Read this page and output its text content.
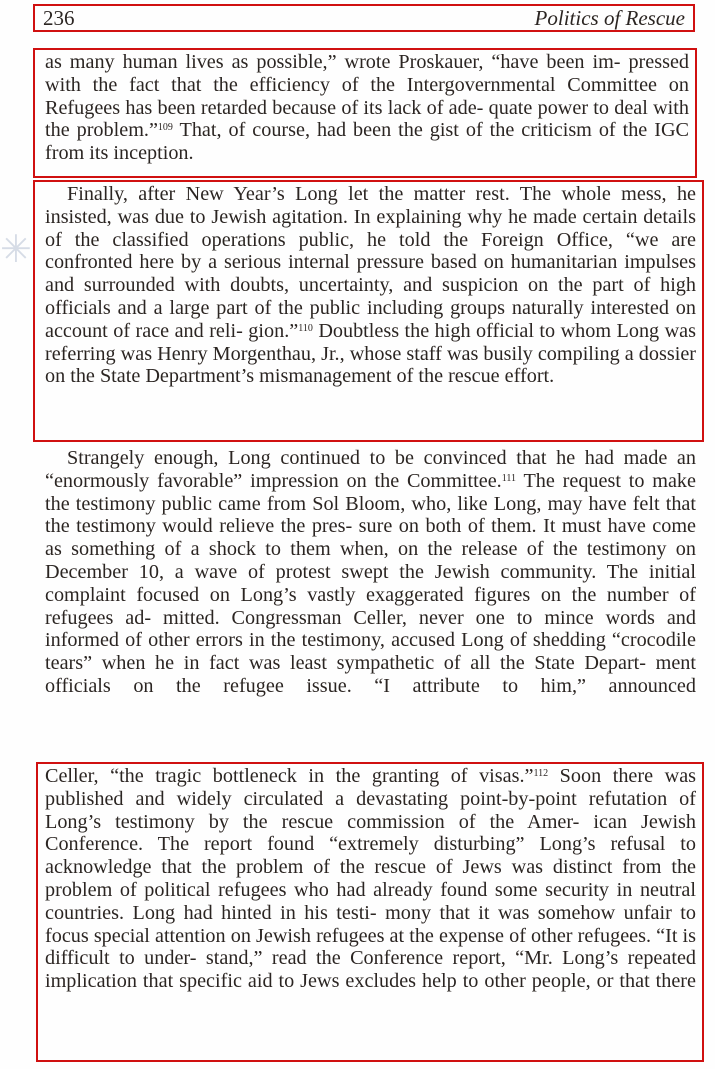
✳
236	Politics of Rescue

as many human lives as possible,” wrote Proskauer, “have been im- pressed with the fact that the efficiency of the Intergovernmental Committee on Refugees has been retarded because of its lack of ade- quate power to deal with the problem.”$^{109}$ That, of course, had been the gist of the criticism of the IGC from its inception.

Finally, after New Year’s Long let the matter rest. The whole mess, he insisted, was due to Jewish agitation. In explaining why he made certain details of the classified operations public, he told the Foreign Office, “we are confronted here by a serious internal pressure based on humanitarian impulses and surrounded with doubts, uncertainty, and suspicion on the part of high officials and a large part of the public including groups naturally interested on account of race and reli- gion.”$^{110}$ Doubtless the high official to whom Long was referring was Henry Morgenthau, Jr., whose staff was busily compiling a dossier on the State Department’s mismanagement of the rescue effort.

Strangely enough, Long continued to be convinced that he had made an “enormously favorable” impression on the Committee.$^{111}$ The request to make the testimony public came from Sol Bloom, who, like Long, may have felt that the testimony would relieve the pres- sure on both of them. It must have come as something of a shock to them when, on the release of the testimony on December 10, a wave of protest swept the Jewish community. The initial complaint focused on Long’s vastly exaggerated figures on the number of refugees ad- mitted. Congressman Celler, never one to mince words and informed of other errors in the testimony, accused Long of shedding “crocodile tears” when he in fact was least sympathetic of all the State Depart- ment officials on the refugee issue. “I attribute to him,” announced

Celler, “the tragic bottleneck in the granting of visas.”$^{112}$ Soon there was published and widely circulated a devastating point-by-point refutation of Long’s testimony by the rescue commission of the Amer- ican Jewish Conference. The report found “extremely disturbing” Long’s refusal to acknowledge that the problem of the rescue of Jews was distinct from the problem of political refugees who had already found some security in neutral countries. Long had hinted in his testi- mony that it was somehow unfair to focus special attention on Jewish refugees at the expense of other refugees. “It is difficult to under- stand,” read the Conference report, “Mr. Long’s repeated implication that specific aid to Jews excludes help to other people, or that there
